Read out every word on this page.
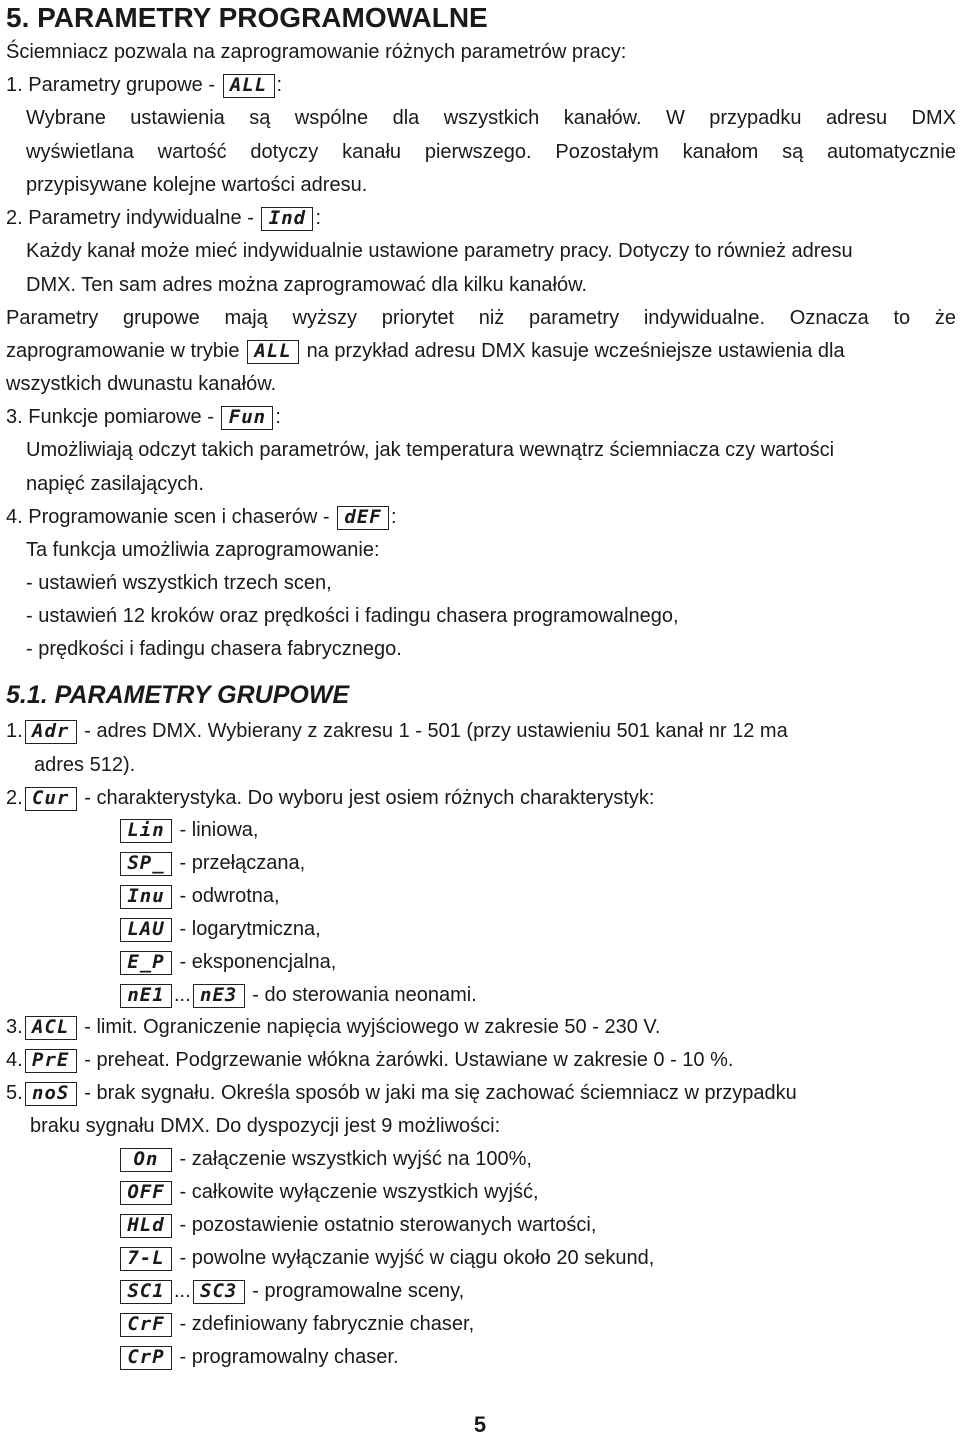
5. PARAMETRY PROGRAMOWALNE
Ściemniacz pozwala na zaprogramowanie różnych parametrów pracy:
1. Parametry grupowe - ALL :
Wybrane ustawienia są wspólne dla wszystkich kanałów. W przypadku adresu DMX
wyświetlana wartość dotyczy kanału pierwszego. Pozostałym kanałom są automatycznie
przypisywane kolejne wartości adresu.
2. Parametry indywidualne - Ind :
Każdy kanał może mieć indywidualnie ustawione parametry pracy. Dotyczy to również adresu
DMX. Ten sam adres można zaprogramować dla kilku kanałów.
Parametry grupowe mają wyższy priorytet niż parametry indywidualne. Oznacza to że
zaprogramowanie w trybie ALL na przykład adresu DMX kasuje wcześniejsze ustawienia dla
wszystkich dwunastu kanałów.
3. Funkcje pomiarowe - Fun :
Umożliwiają odczyt takich parametrów, jak temperatura wewnątrz ściemniacza czy wartości
napięć zasilających.
4. Programowanie scen i chaserów - dEF :
Ta funkcja umożliwia zaprogramowanie:
- ustawień wszystkich trzech scen,
- ustawień 12 kroków oraz prędkości i fadingu chasera programowalnego,
- prędkości i fadingu chasera fabrycznego.
5.1. PARAMETRY GRUPOWE
1. Adr - adres DMX. Wybierany z zakresu 1 - 501 (przy ustawieniu 501 kanał nr 12 ma
adres 512).
2. Cur - charakterystyka. Do wyboru jest osiem różnych charakterystyk:
Lin - liniowa,
SP_ - przełączana,
Inu - odwrotna,
LAU - logarytmiczna,
E_P - eksponencjalna,
nE1 ... nE3 - do sterowania neonami.
3. ACL - limit. Ograniczenie napięcia wyjściowego w zakresie 50 - 230 V.
4. PrE - preheat. Podgrzewanie włókna żarówki. Ustawiane w zakresie 0 - 10 %.
5. noS - brak sygnału. Określa sposób w jaki ma się zachować ściemniacz w przypadku
braku sygnału DMX. Do dyspozycji jest 9 możliwości:
On - załączenie wszystkich wyjść na 100%,
OFF - całkowite wyłączenie wszystkich wyjść,
HLd - pozostawienie ostatnio sterowanych wartości,
7-L - powolne wyłączanie wyjść w ciągu około 20 sekund,
SC1 ... SC3 - programowalne sceny,
CrF - zdefiniowany fabrycznie chaser,
CrP - programowalny chaser.
5
